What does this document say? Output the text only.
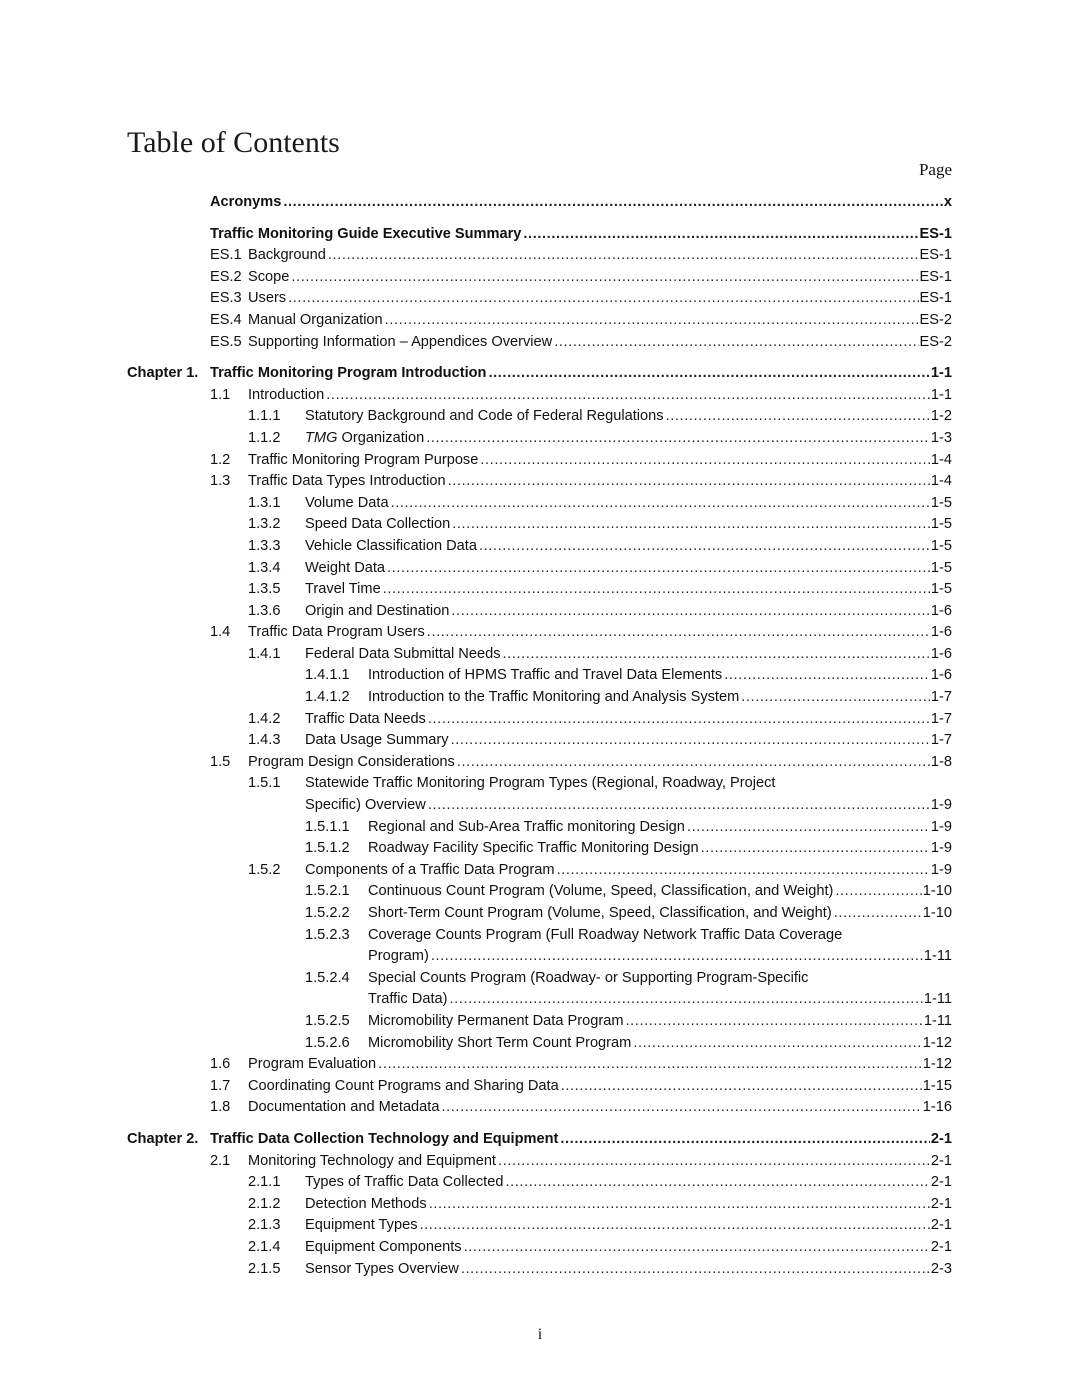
Table of Contents
Page
Acronyms .....	x
Traffic Monitoring Guide Executive Summary .....	ES-1
ES.1 Background .....	ES-1
ES.2 Scope .....	ES-1
ES.3 Users .....	ES-1
ES.4 Manual Organization .....	ES-2
ES.5 Supporting Information – Appendices Overview .....	ES-2
Chapter 1. Traffic Monitoring Program Introduction .....	1-1
1.1 Introduction .....	1-1
1.1.1 Statutory Background and Code of Federal Regulations .....	1-2
1.1.2 TMG Organization .....	1-3
1.2 Traffic Monitoring Program Purpose .....	1-4
1.3 Traffic Data Types Introduction .....	1-4
1.3.1 Volume Data .....	1-5
1.3.2 Speed Data Collection .....	1-5
1.3.3 Vehicle Classification Data .....	1-5
1.3.4 Weight Data .....	1-5
1.3.5 Travel Time .....	1-5
1.3.6 Origin and Destination .....	1-6
1.4 Traffic Data Program Users .....	1-6
1.4.1 Federal Data Submittal Needs .....	1-6
1.4.1.1 Introduction of HPMS Traffic and Travel Data Elements .....	1-6
1.4.1.2 Introduction to the Traffic Monitoring and Analysis System .....	1-7
1.4.2 Traffic Data Needs .....	1-7
1.4.3 Data Usage Summary .....	1-7
1.5 Program Design Considerations .....	1-8
1.5.1 Statewide Traffic Monitoring Program Types (Regional, Roadway, Project
Specific) Overview .....	1-9
1.5.1.1 Regional and Sub-Area Traffic monitoring Design .....	1-9
1.5.1.2 Roadway Facility Specific Traffic Monitoring Design .....	1-9
1.5.2 Components of a Traffic Data Program .....	1-9
1.5.2.1 Continuous Count Program (Volume, Speed, Classification, and Weight) .....	1-10
1.5.2.2 Short-Term Count Program (Volume, Speed, Classification, and Weight) .....	1-10
1.5.2.3 Coverage Counts Program (Full Roadway Network Traffic Data Coverage
Program) .....	1-11
1.5.2.4 Special Counts Program (Roadway- or Supporting Program-Specific
Traffic Data) .....	1-11
1.5.2.5 Micromobility Permanent Data Program .....	1-11
1.5.2.6 Micromobility Short Term Count Program .....	1-12
1.6 Program Evaluation .....	1-12
1.7 Coordinating Count Programs and Sharing Data .....	1-15
1.8 Documentation and Metadata .....	1-16
Chapter 2. Traffic Data Collection Technology and Equipment .....	2-1
2.1 Monitoring Technology and Equipment .....	2-1
2.1.1 Types of Traffic Data Collected .....	2-1
2.1.2 Detection Methods .....	2-1
2.1.3 Equipment Types .....	2-1
2.1.4 Equipment Components .....	2-1
2.1.5 Sensor Types Overview .....	2-3
i
